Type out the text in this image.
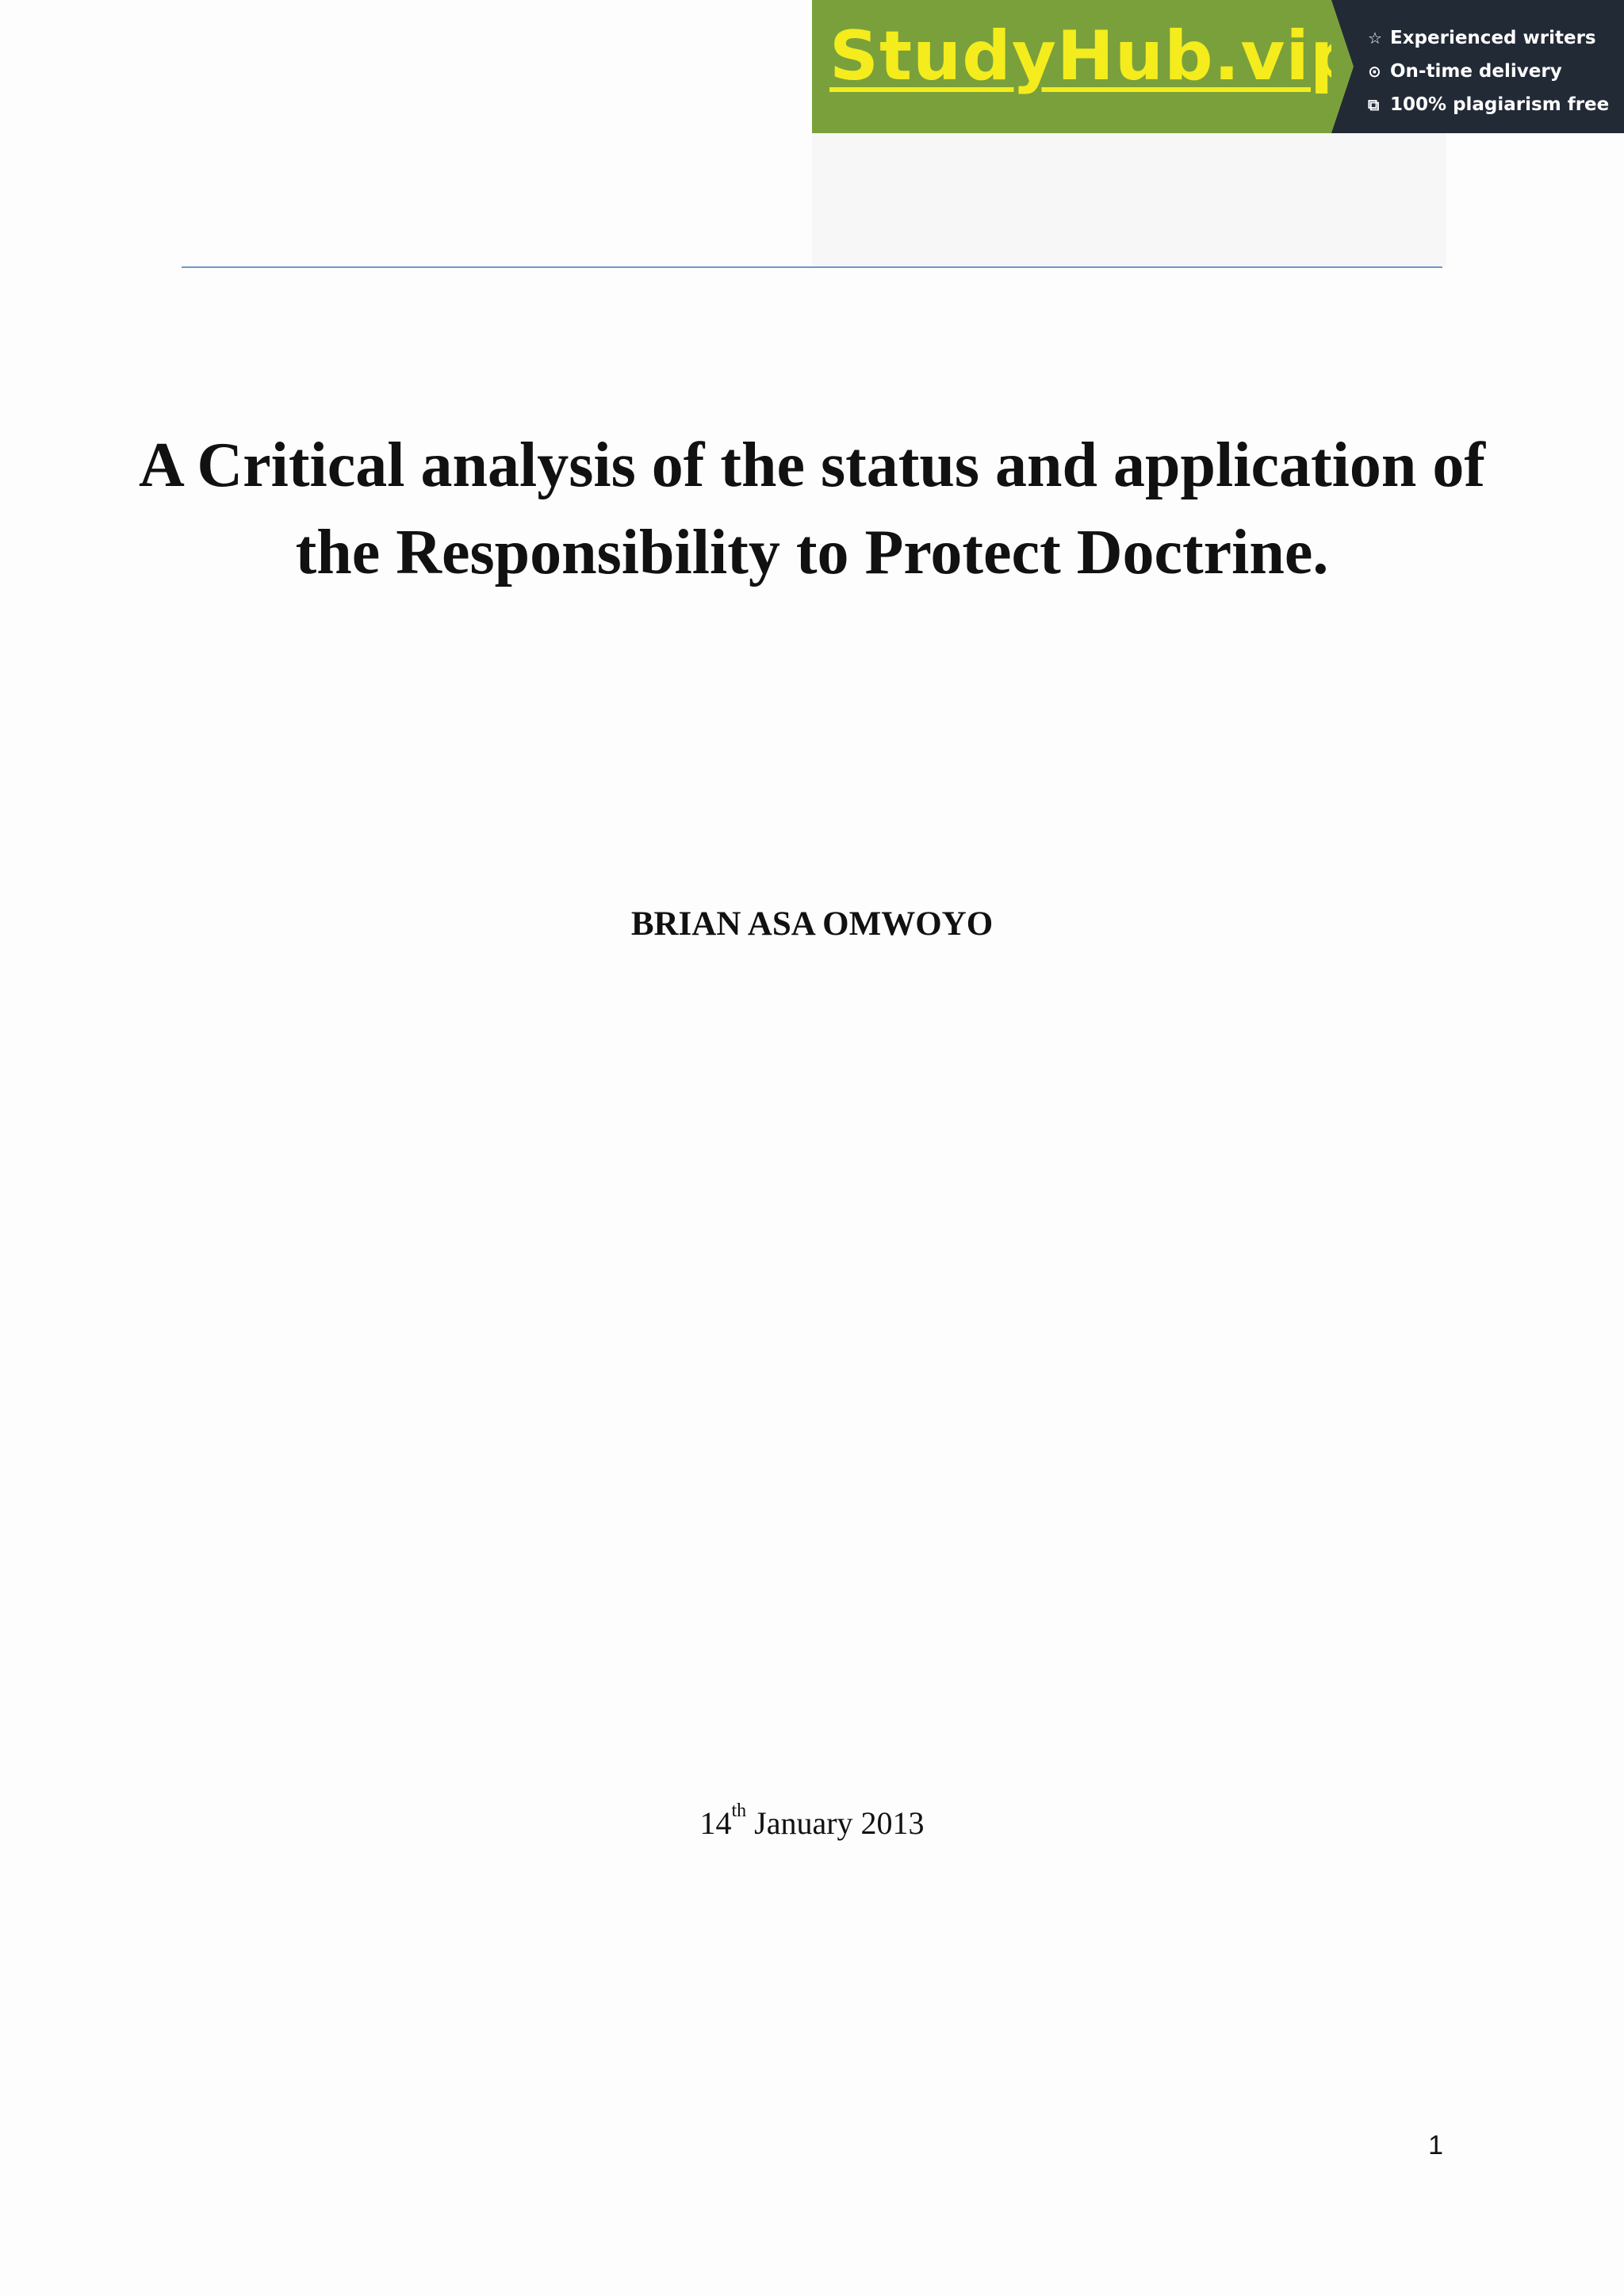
StudyHub.vip ☆ Experienced writers
⊙ On-time delivery
⧉ 100% plagiarism free
A Critical analysis of the status and application of the Responsibility to Protect Doctrine.
BRIAN ASA OMWOYO
14th January 2013
1
